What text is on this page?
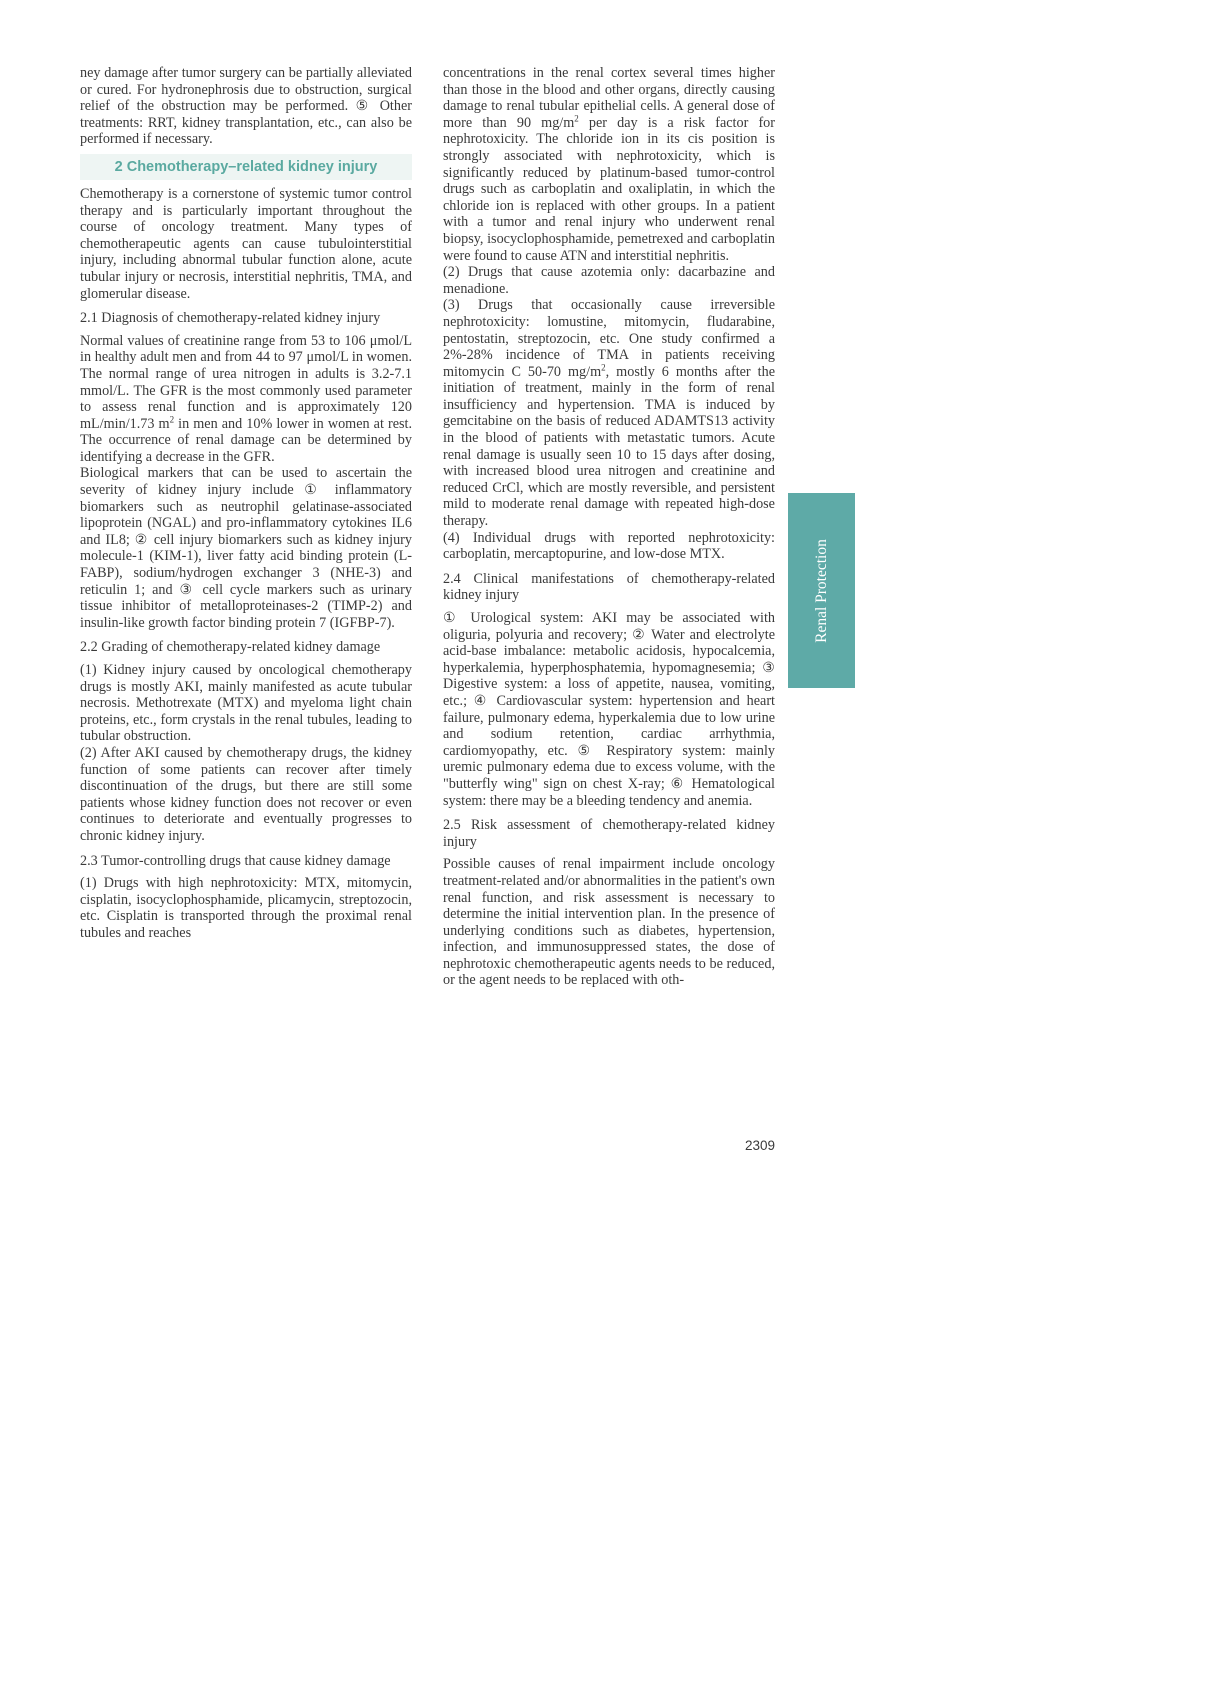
ney damage after tumor surgery can be partially alleviated or cured. For hydronephrosis due to obstruction, surgical relief of the obstruction may be performed. ⑤ Other treatments: RRT, kidney transplantation, etc., can also be performed if necessary.

2 Chemotherapy–related kidney injury

Chemotherapy is a cornerstone of systemic tumor control therapy and is particularly important throughout the course of oncology treatment. Many types of chemotherapeutic agents can cause tubulointerstitial injury, including abnormal tubular function alone, acute tubular injury or necrosis, interstitial nephritis, TMA, and glomerular disease.

2.1 Diagnosis of chemotherapy-related kidney injury

Normal values of creatinine range from 53 to 106 μmol/L in healthy adult men and from 44 to 97 μmol/L in women. The normal range of urea nitrogen in adults is 3.2-7.1 mmol/L. The GFR is the most commonly used parameter to assess renal function and is approximately 120 mL/min/1.73 $m^2$ in men and 10% lower in women at rest. The occurrence of renal damage can be determined by identifying a decrease in the GFR.

Biological markers that can be used to ascertain the severity of kidney injury include ① inflammatory biomarkers such as neutrophil gelatinase-associated lipoprotein (NGAL) and pro-inflammatory cytokines IL6 and IL8; ② cell injury biomarkers such as kidney injury molecule-1 (KIM-1), liver fatty acid binding protein (L-FABP), sodium/hydrogen exchanger 3 (NHE-3) and reticulin 1; and ③ cell cycle markers such as urinary tissue inhibitor of metalloproteinases-2 (TIMP-2) and insulin-like growth factor binding protein 7 (IGFBP-7).

2.2 Grading of chemotherapy-related kidney damage

(1) Kidney injury caused by oncological chemotherapy drugs is mostly AKI, mainly manifested as acute tubular necrosis. Methotrexate (MTX) and myeloma light chain proteins, etc., form crystals in the renal tubules, leading to tubular obstruction.

(2) After AKI caused by chemotherapy drugs, the kidney function of some patients can recover after timely discontinuation of the drugs, but there are still some patients whose kidney function does not recover or even continues to deteriorate and eventually progresses to chronic kidney injury.

2.3 Tumor-controlling drugs that cause kidney damage

(1) Drugs with high nephrotoxicity: MTX, mitomycin, cisplatin, isocyclophosphamide, plicamycin, streptozocin, etc. Cisplatin is transported through the proximal renal tubules and reaches

concentrations in the renal cortex several times higher than those in the blood and other organs, directly causing damage to renal tubular epithelial cells. A general dose of more than 90 $mg/m^2$ per day is a risk factor for nephrotoxicity. The chloride ion in its cis position is strongly associated with nephrotoxicity, which is significantly reduced by platinum-based tumor-control drugs such as carboplatin and oxaliplatin, in which the chloride ion is replaced with other groups. In a patient with a tumor and renal injury who underwent renal biopsy, isocyclophosphamide, pemetrexed and carboplatin were found to cause ATN and interstitial nephritis.

(2) Drugs that cause azotemia only: dacarbazine and menadione.

(3) Drugs that occasionally cause irreversible nephrotoxicity: lomustine, mitomycin, fludarabine, pentostatin, streptozocin, etc. One study confirmed a 2%-28% incidence of TMA in patients receiving mitomycin C 50-70 $mg/m^2$, mostly 6 months after the initiation of treatment, mainly in the form of renal insufficiency and hypertension. TMA is induced by gemcitabine on the basis of reduced ADAMTS13 activity in the blood of patients with metastatic tumors. Acute renal damage is usually seen 10 to 15 days after dosing, with increased blood urea nitrogen and creatinine and reduced CrCl, which are mostly reversible, and persistent mild to moderate renal damage with repeated high-dose therapy.

(4) Individual drugs with reported nephrotoxicity: carboplatin, mercaptopurine, and low-dose MTX.

2.4 Clinical manifestations of chemotherapy-related kidney injury

① Urological system: AKI may be associated with oliguria, polyuria and recovery; ② Water and electrolyte acid-base imbalance: metabolic acidosis, hypocalcemia, hyperkalemia, hyperphosphatemia, hypomagnesemia; ③ Digestive system: a loss of appetite, nausea, vomiting, etc.; ④ Cardiovascular system: hypertension and heart failure, pulmonary edema, hyperkalemia due to low urine and sodium retention, cardiac arrhythmia, cardiomyopathy, etc. ⑤ Respiratory system: mainly uremic pulmonary edema due to excess volume, with the "butterfly wing" sign on chest X-ray; ⑥ Hematological system: there may be a bleeding tendency and anemia.

2.5 Risk assessment of chemotherapy-related kidney injury

Possible causes of renal impairment include oncology treatment-related and/or abnormalities in the patient's own renal function, and risk assessment is necessary to determine the initial intervention plan. In the presence of underlying conditions such as diabetes, hypertension, infection, and immunosuppressed states, the dose of nephrotoxic chemotherapeutic agents needs to be reduced, or the agent needs to be replaced with oth-

Renal Protection
2309
